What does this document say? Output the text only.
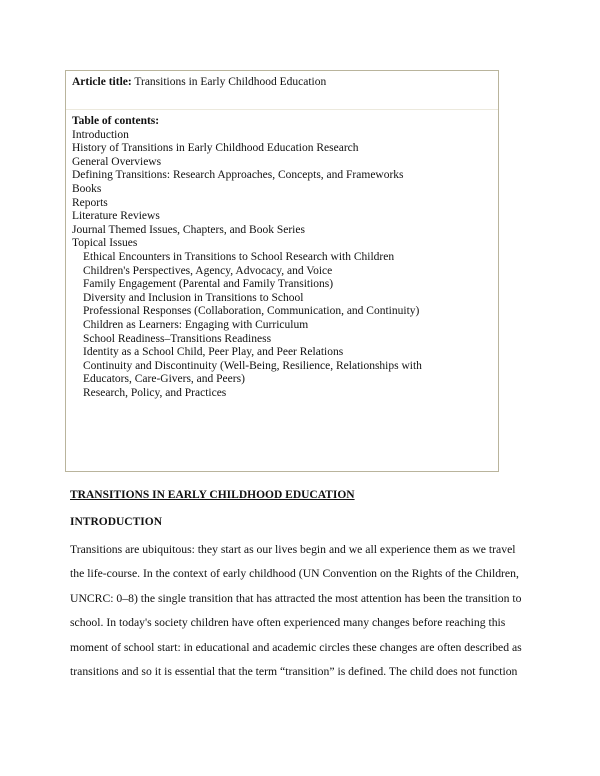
Article title: Transitions in Early Childhood Education
Table of contents:
Introduction
History of Transitions in Early Childhood Education Research
General Overviews
Defining Transitions: Research Approaches, Concepts, and Frameworks
Books
Reports
Literature Reviews
Journal Themed Issues, Chapters, and Book Series
Topical Issues
Ethical Encounters in Transitions to School Research with Children
Children's Perspectives, Agency, Advocacy, and Voice
Family Engagement (Parental and Family Transitions)
Diversity and Inclusion in Transitions to School
Professional Responses (Collaboration, Communication, and Continuity)
Children as Learners: Engaging with Curriculum
School Readiness–Transitions Readiness
Identity as a School Child, Peer Play, and Peer Relations
Continuity and Discontinuity (Well-Being, Resilience, Relationships with
Educators, Care-Givers, and Peers)
Research, Policy, and Practices
TRANSITIONS IN EARLY CHILDHOOD EDUCATION
INTRODUCTION
Transitions are ubiquitous: they start as our lives begin and we all experience them as we travel
the life-course. In the context of early childhood (UN Convention on the Rights of the Children,
UNCRC: 0–8) the single transition that has attracted the most attention has been the transition to
school. In today's society children have often experienced many changes before reaching this
moment of school start: in educational and academic circles these changes are often described as
transitions and so it is essential that the term “transition” is defined. The child does not function
